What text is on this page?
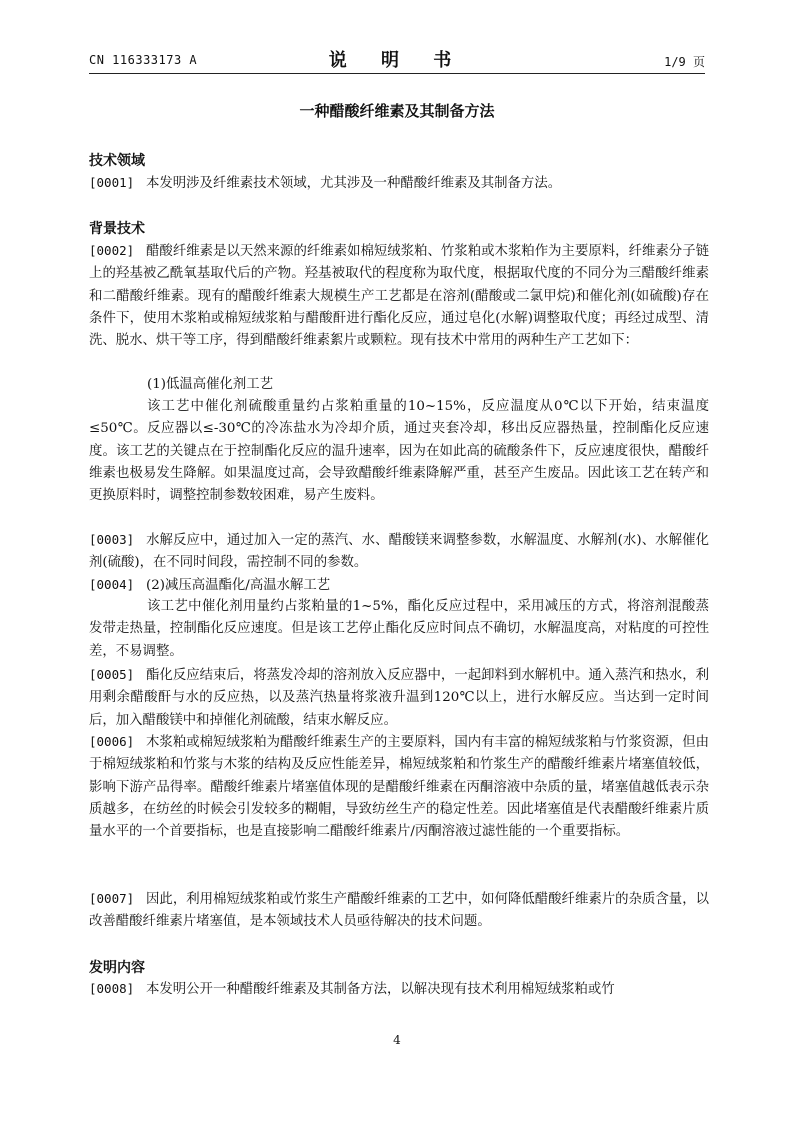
CN 116333173 A	说 明 书	1/9 页
一种醋酸纤维素及其制备方法
技术领域
[0001] 本发明涉及纤维素技术领域，尤其涉及一种醋酸纤维素及其制备方法。
背景技术
[0002] 醋酸纤维素是以天然来源的纤维素如棉短绒浆粕、竹浆粕或木浆粕作为主要原料，纤维素分子链上的羟基被乙酰氧基取代后的产物。羟基被取代的程度称为取代度，根据取代度的不同分为三醋酸纤维素和二醋酸纤维素。现有的醋酸纤维素大规模生产工艺都是在溶剂(醋酸或二氯甲烷)和催化剂(如硫酸)存在条件下，使用木浆粕或棉短绒浆粕与醋酸酐进行酯化反应，通过皂化(水解)调整取代度；再经过成型、清洗、脱水、烘干等工序，得到醋酸纤维素絮片或颗粒。现有技术中常用的两种生产工艺如下：
(1)低温高催化剂工艺
该工艺中催化剂硫酸重量约占浆粕重量的10~15%，反应温度从0℃以下开始，结束温度≤50℃。反应器以≤-30℃的冷冻盐水为冷却介质，通过夹套冷却，移出反应器热量，控制酯化反应速度。该工艺的关键点在于控制酯化反应的温升速率，因为在如此高的硫酸条件下，反应速度很快，醋酸纤维素也极易发生降解。如果温度过高，会导致醋酸纤维素降解严重，甚至产生废品。因此该工艺在转产和更换原料时，调整控制参数较困难，易产生废料。
[0003] 水解反应中，通过加入一定的蒸汽、水、醋酸镁来调整参数，水解温度、水解剂(水)、水解催化剂(硫酸)，在不同时间段，需控制不同的参数。
[0004] (2)减压高温酯化/高温水解工艺
该工艺中催化剂用量约占浆粕量的1~5%，酯化反应过程中，采用减压的方式，将溶剂混酸蒸发带走热量，控制酯化反应速度。但是该工艺停止酯化反应时间点不确切，水解温度高，对粘度的可控性差，不易调整。
[0005] 酯化反应结束后，将蒸发冷却的溶剂放入反应器中，一起卸料到水解机中。通入蒸汽和热水，利用剩余醋酸酐与水的反应热，以及蒸汽热量将浆液升温到120℃以上，进行水解反应。当达到一定时间后，加入醋酸镁中和掉催化剂硫酸，结束水解反应。
[0006] 木浆粕或棉短绒浆粕为醋酸纤维素生产的主要原料，国内有丰富的棉短绒浆粕与竹浆资源，但由于棉短绒浆粕和竹浆与木浆的结构及反应性能差异，棉短绒浆粕和竹浆生产的醋酸纤维素片堵塞值较低，影响下游产品得率。醋酸纤维素片堵塞值体现的是醋酸纤维素在丙酮溶液中杂质的量，堵塞值越低表示杂质越多，在纺丝的时候会引发较多的糊帽，导致纺丝生产的稳定性差。因此堵塞值是代表醋酸纤维素片质量水平的一个首要指标，也是直接影响二醋酸纤维素片/丙酮溶液过滤性能的一个重要指标。
[0007] 因此，利用棉短绒浆粕或竹浆生产醋酸纤维素的工艺中，如何降低醋酸纤维素片的杂质含量，以改善醋酸纤维素片堵塞值，是本领域技术人员亟待解决的技术问题。
发明内容
[0008] 本发明公开一种醋酸纤维素及其制备方法，以解决现有技术利用棉短绒浆粕或竹
4
